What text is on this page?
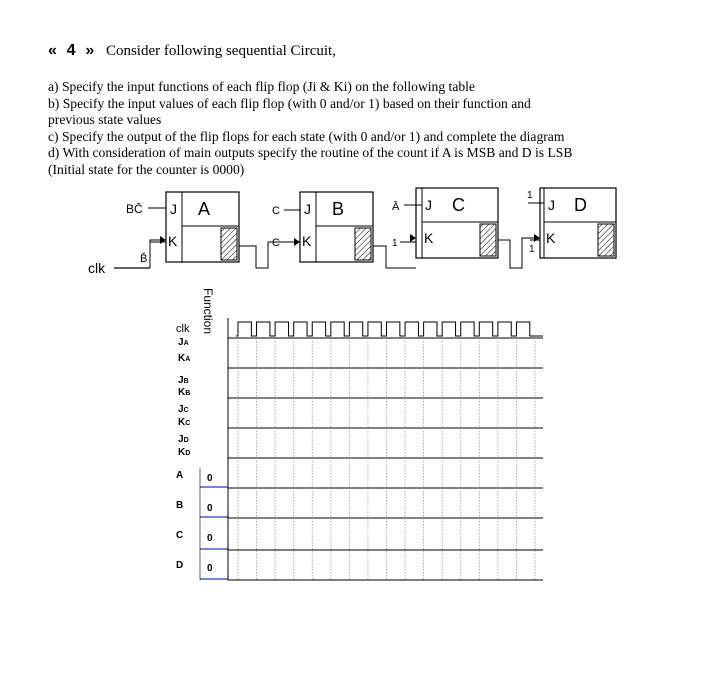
« 4 » Consider following sequential Circuit,
a) Specify the input functions of each flip flop (Ji & Ki) on the following table
b) Specify the input values of each flip flop (with 0 and/or 1) based on their function and
previous state values
c) Specify the output of the flip flops for each state (with 0 and/or 1) and complete the diagram
d) With consideration of main outputs specify the routine of the count if A is MSB and D is LSB
(Initial state for the counter is 0000)
clk
J
K
A
BC̄
B̄
J
K
B
C
C
J
K
C
Ā
1
J
K
D
1
1
Function
clk
JA
KA
JB
KB
JC
KC
JD
KD
A 0
B 0
C 0
D 0
